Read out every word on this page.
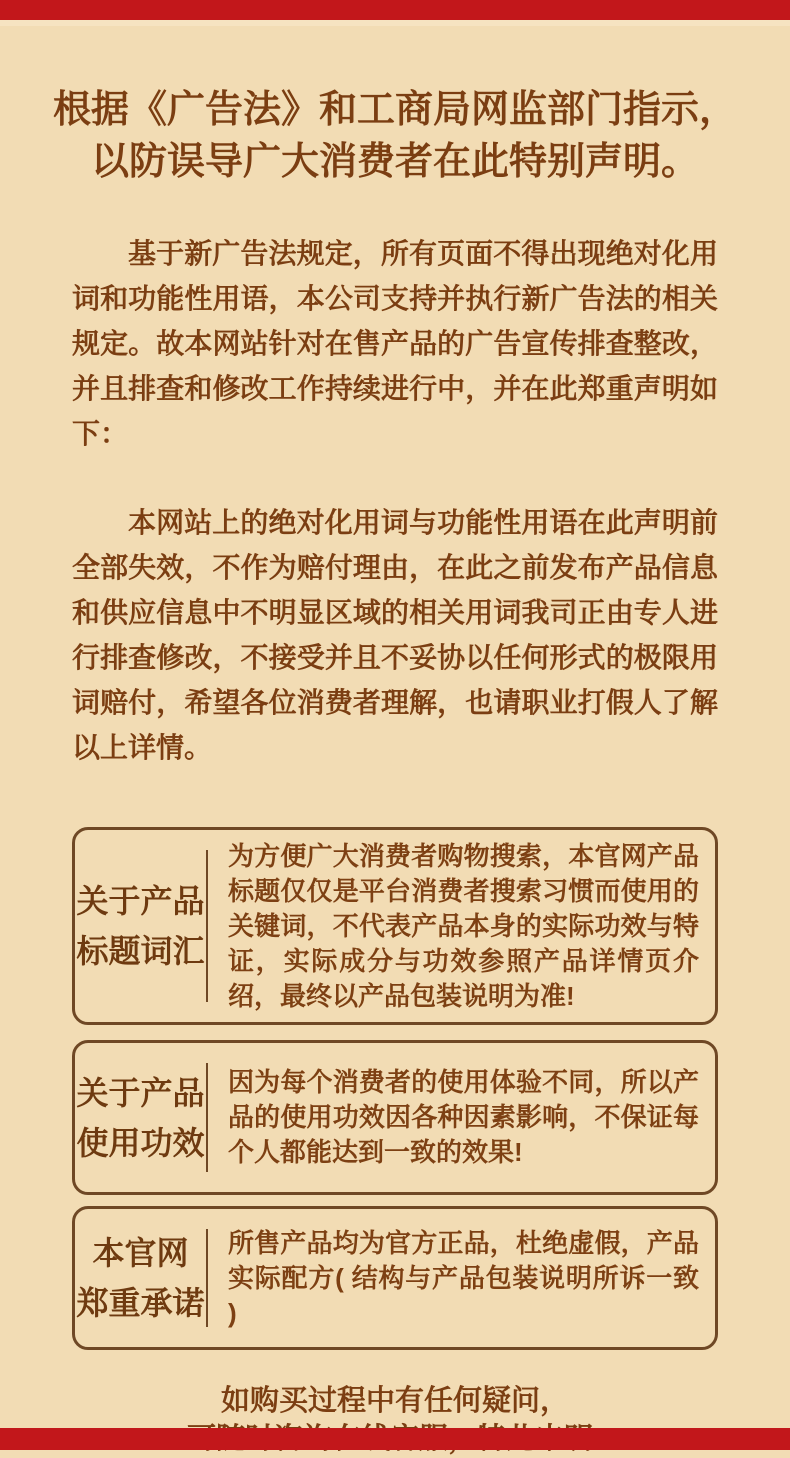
根据《广告法》和工商局网监部门指示，
以防误导广大消费者在此特别声明。

基于新广告法规定，所有页面不得出现绝对化用词和功能性用语，本公司支持并执行新广告法的相关规定。故本网站针对在售产品的广告宣传排查整改，并且排查和修改工作持续进行中，并在此郑重声明如下：

本网站上的绝对化用词与功能性用语在此声明前全部失效，不作为赔付理由，在此之前发布产品信息和供应信息中不明显区域的相关用词我司正由专人进行排查修改，不接受并且不妥协以任何形式的极限用词赔付，希望各位消费者理解，也请职业打假人了解以上详情。

关于产品
标题词汇
为方便广大消费者购物搜索，本官网产品标题仅仅是平台消费者搜索习惯而使用的关键词，不代表产品本身的实际功效与特证，实际成分与功效参照产品详情页介绍，最终以产品包装说明为准!
关于产品
使用功效
因为每个消费者的使用体验不同，所以产品的使用功效因各种因素影响，不保证每个人都能达到一致的效果!
本官网
郑重承诺
所售产品均为官方正品，杜绝虚假，产品实际配方( 结构与产品包装说明所诉一致 )
如购买过程中有任何疑问，
